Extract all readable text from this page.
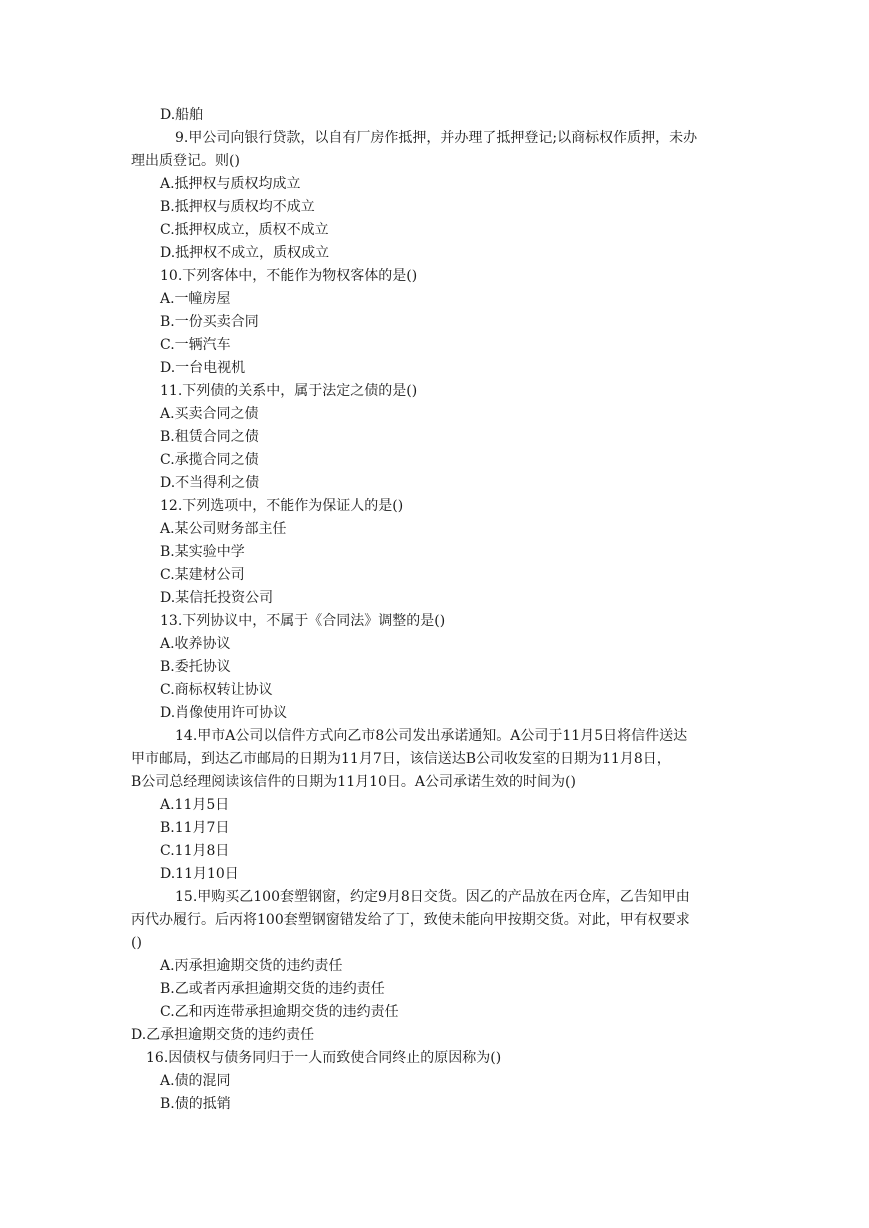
D.船舶
9.甲公司向银行贷款，以自有厂房作抵押，并办理了抵押登记;以商标权作质押，未办
理出质登记。则()
A.抵押权与质权均成立
B.抵押权与质权均不成立
C.抵押权成立，质权不成立
D.抵押权不成立，质权成立
10.下列客体中，不能作为物权客体的是()
A.一幢房屋
B.一份买卖合同
C.一辆汽车
D.一台电视机
11.下列债的关系中，属于法定之债的是()
A.买卖合同之债
B.租赁合同之债
C.承揽合同之债
D.不当得利之债
12.下列选项中，不能作为保证人的是()
A.某公司财务部主任
B.某实验中学
C.某建材公司
D.某信托投资公司
13.下列协议中，不属于《合同法》调整的是()
A.收养协议
B.委托协议
C.商标权转让协议
D.肖像使用许可协议
14.甲市A公司以信件方式向乙市8公司发出承诺通知。A公司于11月5日将信件送达
甲市邮局，到达乙市邮局的日期为11月7日，该信送达B公司收发室的日期为11月8日，
B公司总经理阅读该信件的日期为11月10日。A公司承诺生效的时间为()
A.11月5日
B.11月7日
C.11月8日
D.11月10日
15.甲购买乙100套塑钢窗，约定9月8日交货。因乙的产品放在丙仓库，乙告知甲由
丙代办履行。后丙将100套塑钢窗错发给了丁，致使未能向甲按期交货。对此，甲有权要求
()
A.丙承担逾期交货的违约责任
B.乙或者丙承担逾期交货的违约责任
C.乙和丙连带承担逾期交货的违约责任
D.乙承担逾期交货的违约责任
16.因债权与债务同归于一人而致使合同终止的原因称为()
A.债的混同
B.债的抵销
